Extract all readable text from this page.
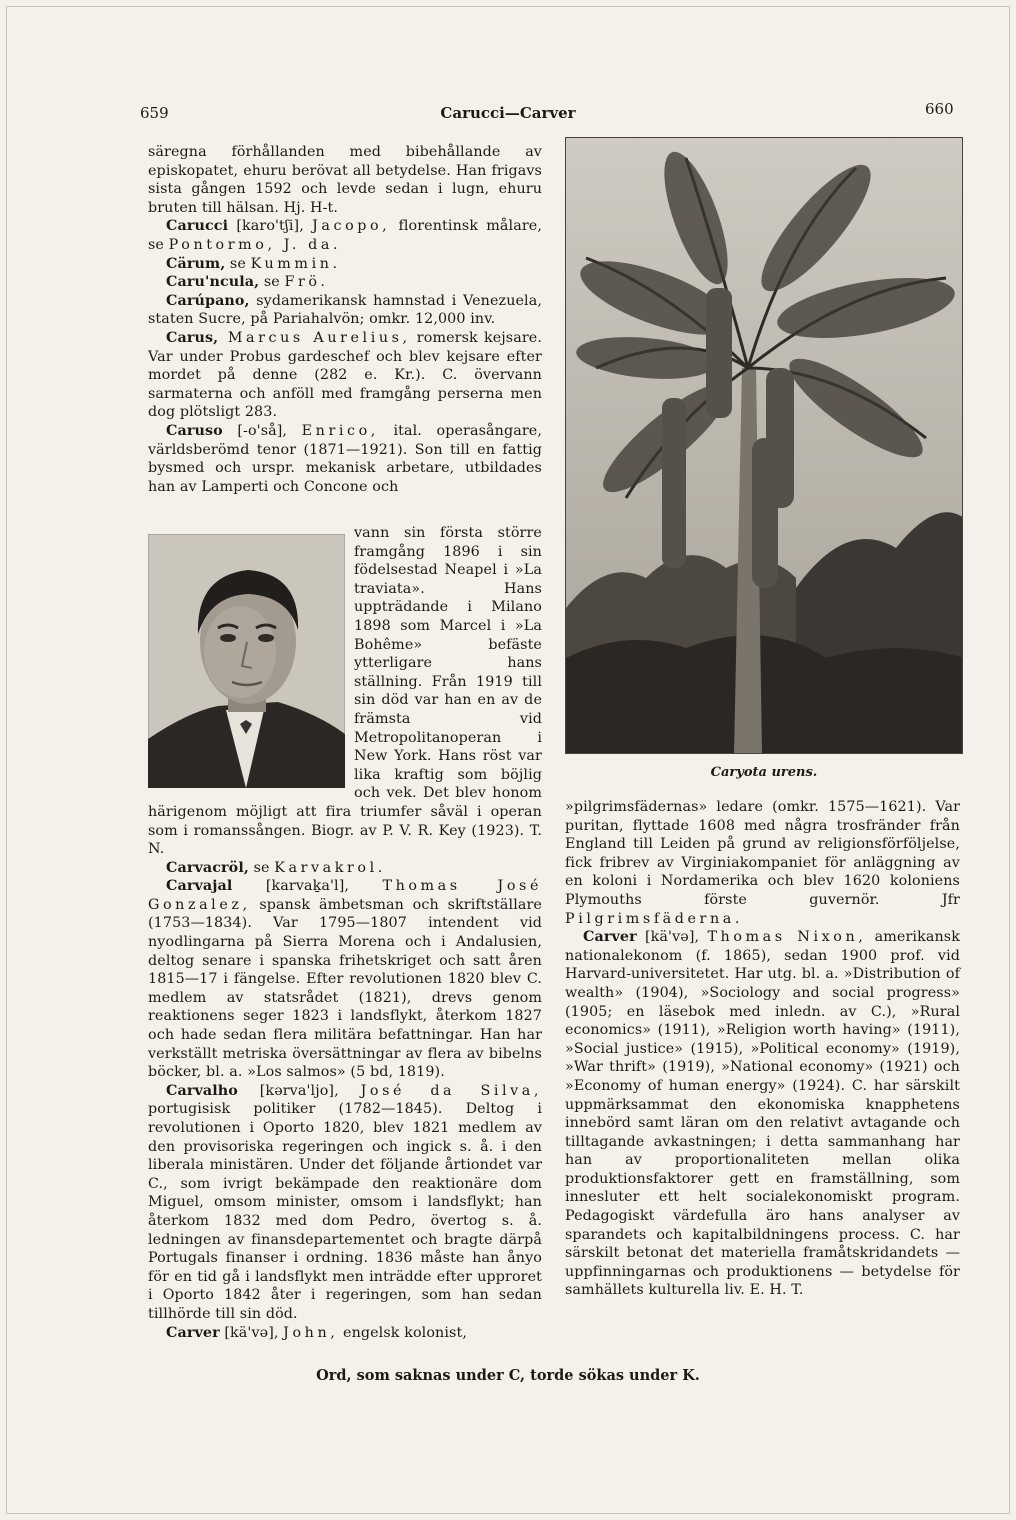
659	Carucci—Carver	660

säregna förhållanden med bibehållande av episkopatet, ehuru berövat all betydelse. Han frigavs sista gången 1592 och levde sedan i lugn, ehuru bruten till hälsan. Hj. H-t.

Carucci [karo'tʃi], Jacopo, florentinsk målare, se Pontormo, J. da.

Cärum, se Kummin.

Caru'ncula, se Frö.

Carúpano, sydamerikansk hamnstad i Venezuela, staten Sucre, på Pariahalvön; omkr. 12,000 inv.

Carus, Marcus Aurelius, romersk kejsare. Var under Probus gardeschef och blev kejsare efter mordet på denne (282 e. Kr.). C. övervann sarmaterna och anföll med framgång perserna men dog plötsligt 283.

Caruso [-o'så], Enrico, ital. operasångare, världsberömd tenor (1871—1921). Son till en fattig bysmed och urspr. mekanisk arbetare, utbildades han av Lamperti och Concone och

vann sin första större framgång 1896 i sin födelsestad Neapel i »La traviata». Hans uppträdande i Milano 1898 som Marcel i »La Bohême» befäste ytterligare hans ställning. Från 1919 till sin död var han en av de främsta vid Metropolitanoperan i New York. Hans röst var lika kraftig som böjlig och vek. Det blev honom härigenom möjligt att fira triumfer såväl i operan som i romanssången. Biogr. av P. V. R. Key (1923). T. N.

Carvacröl, se Karvakrol.

Carvajal [karvaḵa'l], Thomas José Gonzalez, spansk ämbetsman och skriftställare (1753—1834). Var 1795—1807 intendent vid nyodlingarna på Sierra Morena och i Andalusien, deltog senare i spanska frihetskriget och satt åren 1815—17 i fängelse. Efter revolutionen 1820 blev C. medlem av statsrådet (1821), drevs genom reaktionens seger 1823 i landsflykt, återkom 1827 och hade sedan flera militära befattningar. Han har verkställt metriska översättningar av flera av bibelns böcker, bl. a. »Los salmos» (5 bd, 1819).

Carvalho [kərva'ljo], José da Silva, portugisisk politiker (1782—1845). Deltog i revolutionen i Oporto 1820, blev 1821 medlem av den provisoriska regeringen och ingick s. å. i den liberala ministären. Under det följande årtiondet var C., som ivrigt bekämpade den reaktionäre dom Miguel, omsom minister, omsom i landsflykt; han återkom 1832 med dom Pedro, övertog s. å. ledningen av finansdepartementet och bragte därpå Portugals finanser i ordning. 1836 måste han ånyo för en tid gå i landsflykt men inträdde efter upproret i Oporto 1842 åter i regeringen, som han sedan tillhörde till sin död.

Carver [kä'və], John, engelsk kolonist,

Caryota urens.

»pilgrimsfädernas» ledare (omkr. 1575—1621). Var puritan, flyttade 1608 med några trosfränder från England till Leiden på grund av religionsförföljelse, fick fribrev av Virginiakompaniet för anläggning av en koloni i Nordamerika och blev 1620 koloniens Plymouths förste guvernör. Jfr Pilgrimsfäderna.

Carver [kä'və], Thomas Nixon, amerikansk nationalekonom (f. 1865), sedan 1900 prof. vid Harvard-universitetet. Har utg. bl. a. »Distribution of wealth» (1904), »Sociology and social progress» (1905; en läsebok med inledn. av C.), »Rural economics» (1911), »Religion worth having» (1911), »Social justice» (1915), »Political economy» (1919), »War thrift» (1919), »National economy» (1921) och »Economy of human energy» (1924). C. har särskilt uppmärksammat den ekonomiska knapphetens innebörd samt läran om den relativt avtagande och tilltagande avkastningen; i detta sammanhang har han av proportionaliteten mellan olika produktionsfaktorer gett en framställning, som innesluter ett helt socialekonomiskt program. Pedagogiskt värdefulla äro hans analyser av sparandets och kapitalbildningens process. C. har särskilt betonat det materiella framåtskridandets — uppfinningarnas och produktionens — betydelse för samhällets kulturella liv. E. H. T.

Ord, som saknas under C, torde sökas under K.
